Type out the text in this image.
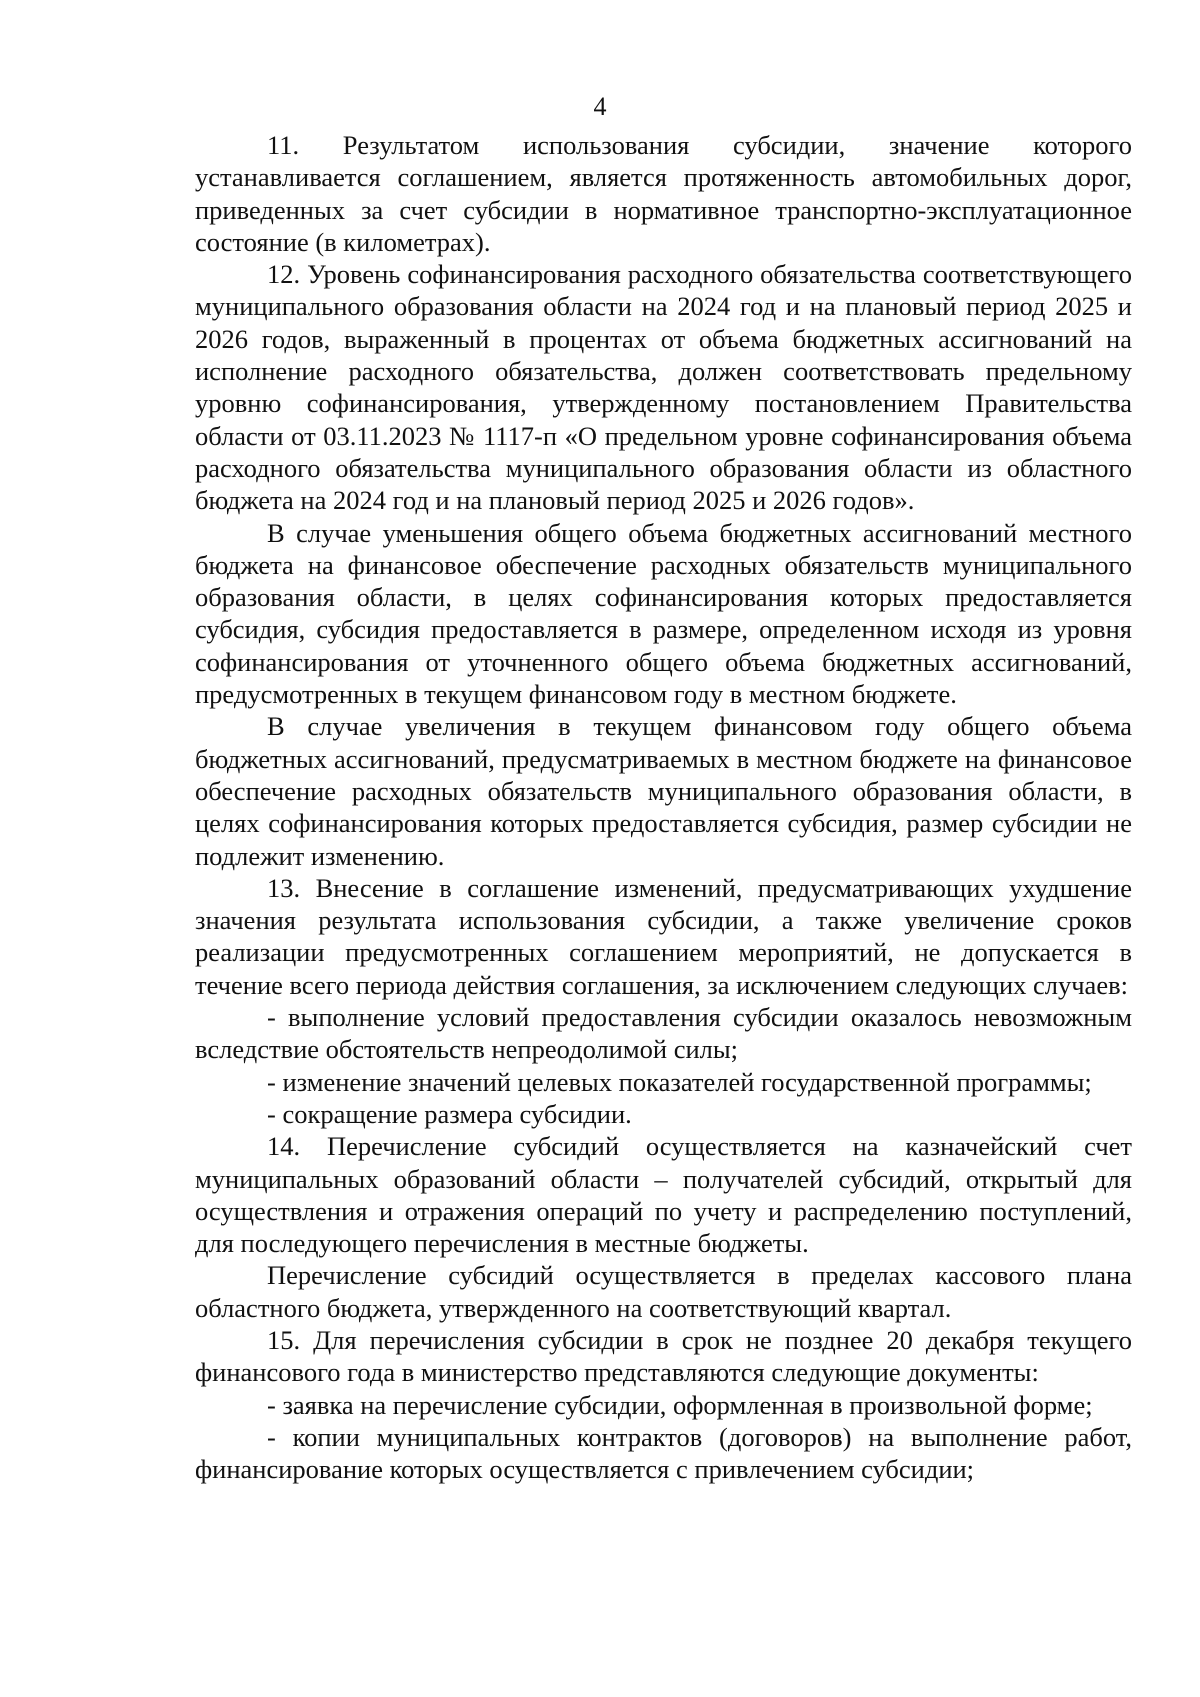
4

11. Результатом использования субсидии, значение которого устанавливается соглашением, является протяженность автомобильных дорог, приведенных за счет субсидии в нормативное транспортно-эксплуатационное состояние (в километрах).

12. Уровень софинансирования расходного обязательства соответствующего муниципального образования области на 2024 год и на плановый период 2025 и 2026 годов, выраженный в процентах от объема бюджетных ассигнований на исполнение расходного обязательства, должен соответствовать предельному уровню софинансирования, утвержденному постановлением Правительства области от 03.11.2023 № 1117-п «О предельном уровне софинансирования объема расходного обязательства муниципального образования области из областного бюджета на 2024 год и на плановый период 2025 и 2026 годов».

В случае уменьшения общего объема бюджетных ассигнований местного бюджета на финансовое обеспечение расходных обязательств муниципального образования области, в целях софинансирования которых предоставляется субсидия, субсидия предоставляется в размере, определенном исходя из уровня софинансирования от уточненного общего объема бюджетных ассигнований, предусмотренных в текущем финансовом году в местном бюджете.

В случае увеличения в текущем финансовом году общего объема бюджетных ассигнований, предусматриваемых в местном бюджете на финансовое обеспечение расходных обязательств муниципального образования области, в целях софинансирования которых предоставляется субсидия, размер субсидии не подлежит изменению.

13. Внесение в соглашение изменений, предусматривающих ухудшение значения результата использования субсидии, а также увеличение сроков реализации предусмотренных соглашением мероприятий, не допускается в течение всего периода действия соглашения, за исключением следующих случаев:

- выполнение условий предоставления субсидии оказалось невозможным вследствие обстоятельств непреодолимой силы;

- изменение значений целевых показателей государственной программы;

- сокращение размера субсидии.

14. Перечисление субсидий осуществляется на казначейский счет муниципальных образований области – получателей субсидий, открытый для осуществления и отражения операций по учету и распределению поступлений, для последующего перечисления в местные бюджеты.

Перечисление субсидий осуществляется в пределах кассового плана областного бюджета, утвержденного на соответствующий квартал.

15. Для перечисления субсидии в срок не позднее 20 декабря текущего финансового года в министерство представляются следующие документы:

- заявка на перечисление субсидии, оформленная в произвольной форме;

- копии муниципальных контрактов (договоров) на выполнение работ, финансирование которых осуществляется с привлечением субсидии;
